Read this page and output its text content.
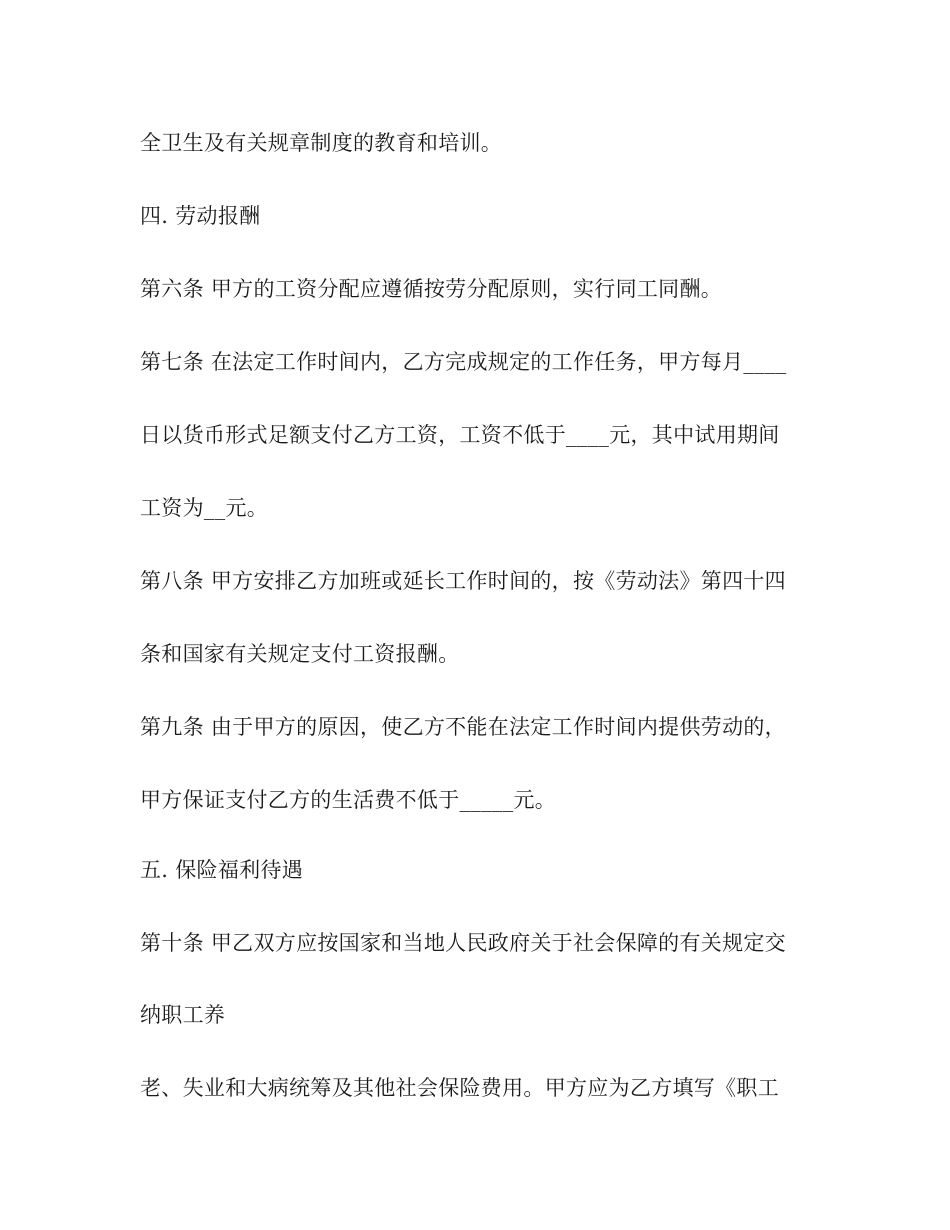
全卫生及有关规章制度的教育和培训。
四. 劳动报酬
第六条 甲方的工资分配应遵循按劳分配原则，实行同工同酬。
第七条 在法定工作时间内，乙方完成规定的工作任务，甲方每月____
日以货币形式足额支付乙方工资，工资不低于____元，其中试用期间
工资为__元。
第八条 甲方安排乙方加班或延长工作时间的，按《劳动法》第四十四
条和国家有关规定支付工资报酬。
第九条 由于甲方的原因，使乙方不能在法定工作时间内提供劳动的，
甲方保证支付乙方的生活费不低于_____元。
五. 保险福利待遇
第十条 甲乙双方应按国家和当地人民政府关于社会保障的有关规定交
纳职工养
老、失业和大病统筹及其他社会保险费用。甲方应为乙方填写《职工
